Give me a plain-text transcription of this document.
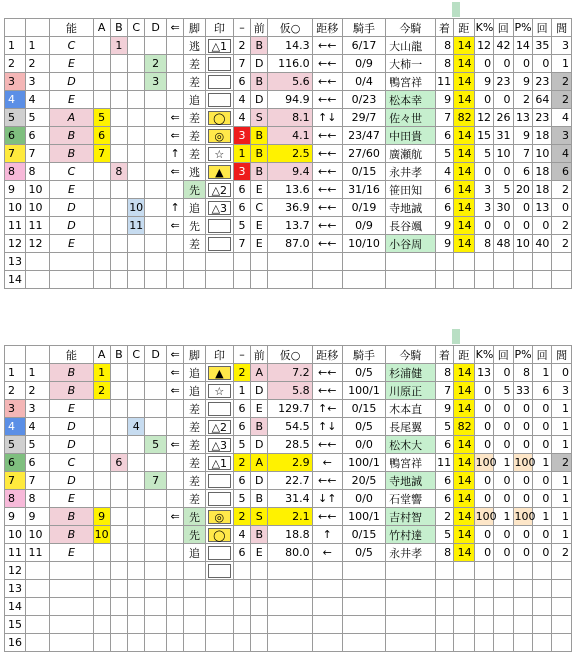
		能	A	B	C	D	⇐	脚	印	–	前	仮○	距移	騎手	今騎	着	距	K%	回	P%	回	閭
1	1	C		1				逃	△1	2	B	14.3	←←	6/17	大山龍	8	14	12	42	14	35	3
2	2	E				2		差		7	D	116.0	←←	0/9	大柿一	8	14	0	0	0	0	1
3	3	D				3		差		6	B	5.6	←←	0/4	鴨宮祥	11	14	9	23	9	23	2
4	4	E						追		4	D	94.9	←←	0/23	松本幸	9	14	0	0	2	64	2
5	5	A	5				⇐	差	◯	4	S	8.1	↑↓	29/7	佐々世	7	82	12	26	13	23	4
6	6	B	6				⇐	差	◎	3	B	4.1	←←	23/47	中田貴	6	14	15	31	9	18	3
7	7	B	7				↑	差	☆	1	B	2.5	←←	27/60	廣瀬航	5	14	5	10	7	10	4
8	8	C		8			⇐	逃	▲	3	B	9.4	←←	0/15	永井孝	4	14	0	0	6	18	6
9	10	E						先	△2	6	E	13.6	←←	31/16	笹田知	6	14	3	5	20	18	2
10	10	D			10		↑	追	△3	6	C	36.9	←←	0/19	寺地誠	6	14	3	30	0	13	0
11	11	D			11		⇐	先		5	E	13.7	←←	0/9	長谷颯	9	14	0	0	0	0	2
12	12	E						差		7	E	87.0	←←	10/10	小谷周	9	14	8	48	10	40	2
13																						
14																						
		能	A	B	C	D	⇐	脚	印	–	前	仮○	距移	騎手	今騎	着	距	K%	回	P%	回	閭
1	1	B	1				⇐	追	▲	2	A	7.2	←←	0/5	杉浦健	8	14	13	0	8	1	0
2	2	B	2				⇐	追	☆	1	D	5.8	←←	100/1	川原正	7	14	0	5	33	6	3
3	3	E						差		6	E	129.7	↑←	0/15	木本直	9	14	0	0	0	0	1
4	4	D			4			差	△2	6	B	54.5	↑↓	0/5	長尾翼	5	82	0	0	0	0	1
5	5	D				5	⇐	差	△3	5	D	28.5	←←	0/0	松木大	6	14	0	0	0	0	1
6	6	C		6				差	△1	2	A	2.9	←	100/1	鴨宮祥	11	14	100	1	100	1	2
7	7	D				7		差		6	D	22.7	←←	20/5	寺地誠	6	14	0	0	0	0	1
8	8	E						差		5	B	31.4	↓↑	0/0	石堂響	6	14	0	0	0	0	1
9	9	B	9				⇐	先	◎	2	S	2.1	←←	100/1	吉村智	2	14	100	1	100	1	1
10	10	B	10					先	◯	4	B	18.8	↑	0/15	竹村達	5	14	0	0	0	0	1
11	11	E						追		6	E	80.0	←	0/5	永井孝	8	14	0	0	0	0	2
12									

13																						
14																						
15																						
16																						
